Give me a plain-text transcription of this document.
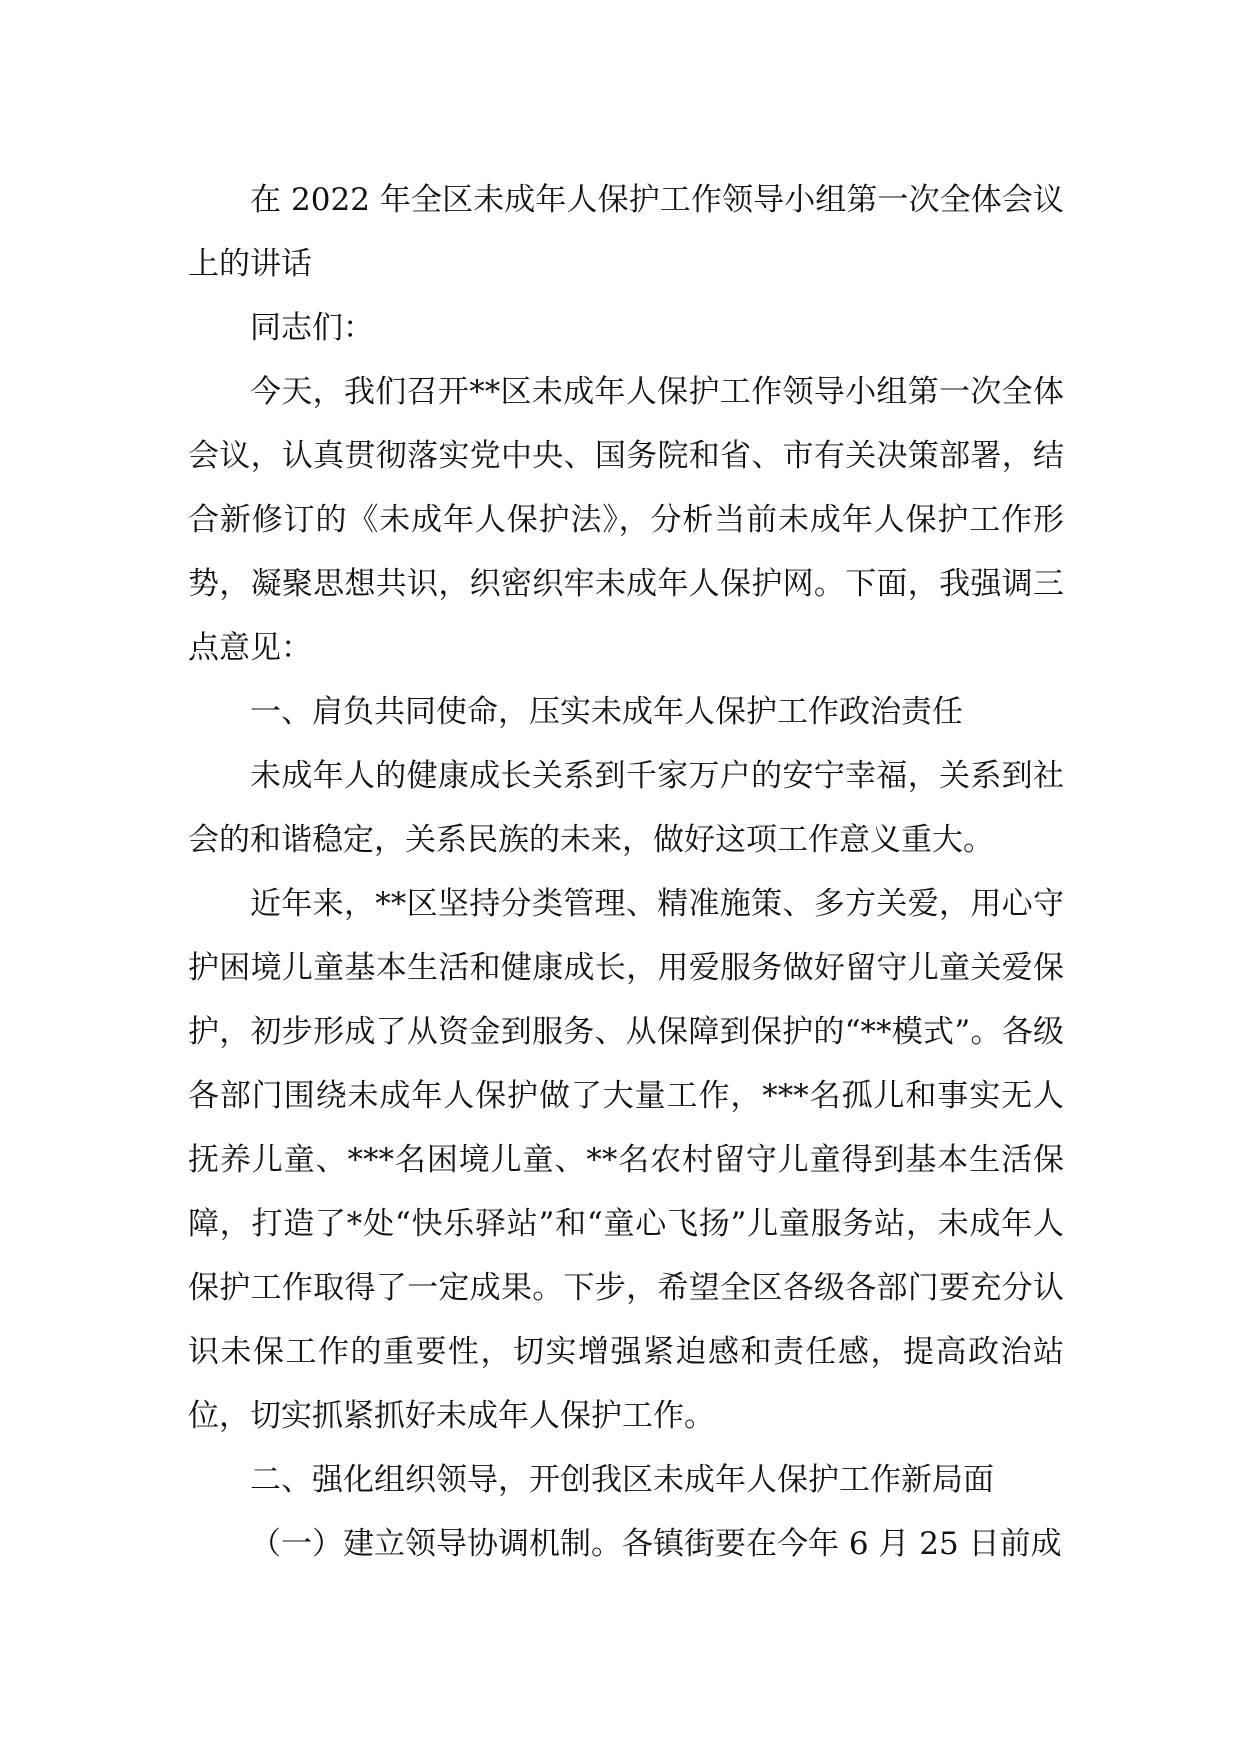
在 2022 年全区未成年人保护工作领导小组第一次全体会议上的讲话

同志们：

今天，我们召开**区未成年人保护工作领导小组第一次全体会议，认真贯彻落实党中央、国务院和省、市有关决策部署，结合新修订的《未成年人保护法》，分析当前未成年人保护工作形势，凝聚思想共识，织密织牢未成年人保护网。下面，我强调三点意见：

一、肩负共同使命，压实未成年人保护工作政治责任

未成年人的健康成长关系到千家万户的安宁幸福，关系到社会的和谐稳定，关系民族的未来，做好这项工作意义重大。

近年来，**区坚持分类管理、精准施策、多方关爱，用心守护困境儿童基本生活和健康成长，用爱服务做好留守儿童关爱保护，初步形成了从资金到服务、从保障到保护的“**模式”。各级各部门围绕未成年人保护做了大量工作，***名孤儿和事实无人抚养儿童、***名困境儿童、**名农村留守儿童得到基本生活保障，打造了*处“快乐驿站”和“童心飞扬”儿童服务站，未成年人保护工作取得了一定成果。下步，希望全区各级各部门要充分认识未保工作的重要性，切实增强紧迫感和责任感，提高政治站位，切实抓紧抓好未成年人保护工作。

二、强化组织领导，开创我区未成年人保护工作新局面

（一）建立领导协调机制。各镇街要在今年 6 月 25 日前成
